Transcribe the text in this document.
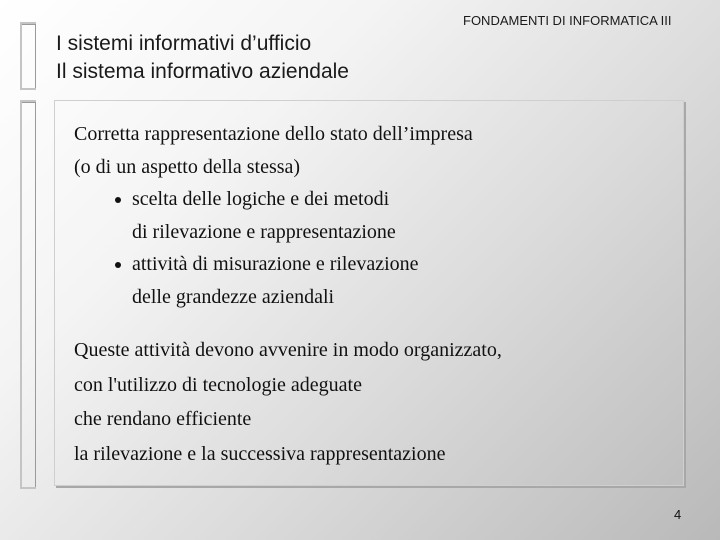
I sistemi informativi d’ufficio
Il sistema informativo aziendale
FONDAMENTI DI INFORMATICA III
Corretta rappresentazione dello stato dell’impresa
(o di un aspetto della stessa)
scelta delle logiche e dei metodi
di rilevazione e rappresentazione
attività di misurazione e rilevazione
delle grandezze aziendali
Queste attività devono avvenire in modo organizzato,
con l'utilizzo di tecnologie adeguate
che rendano efficiente
la rilevazione e la successiva rappresentazione
4
